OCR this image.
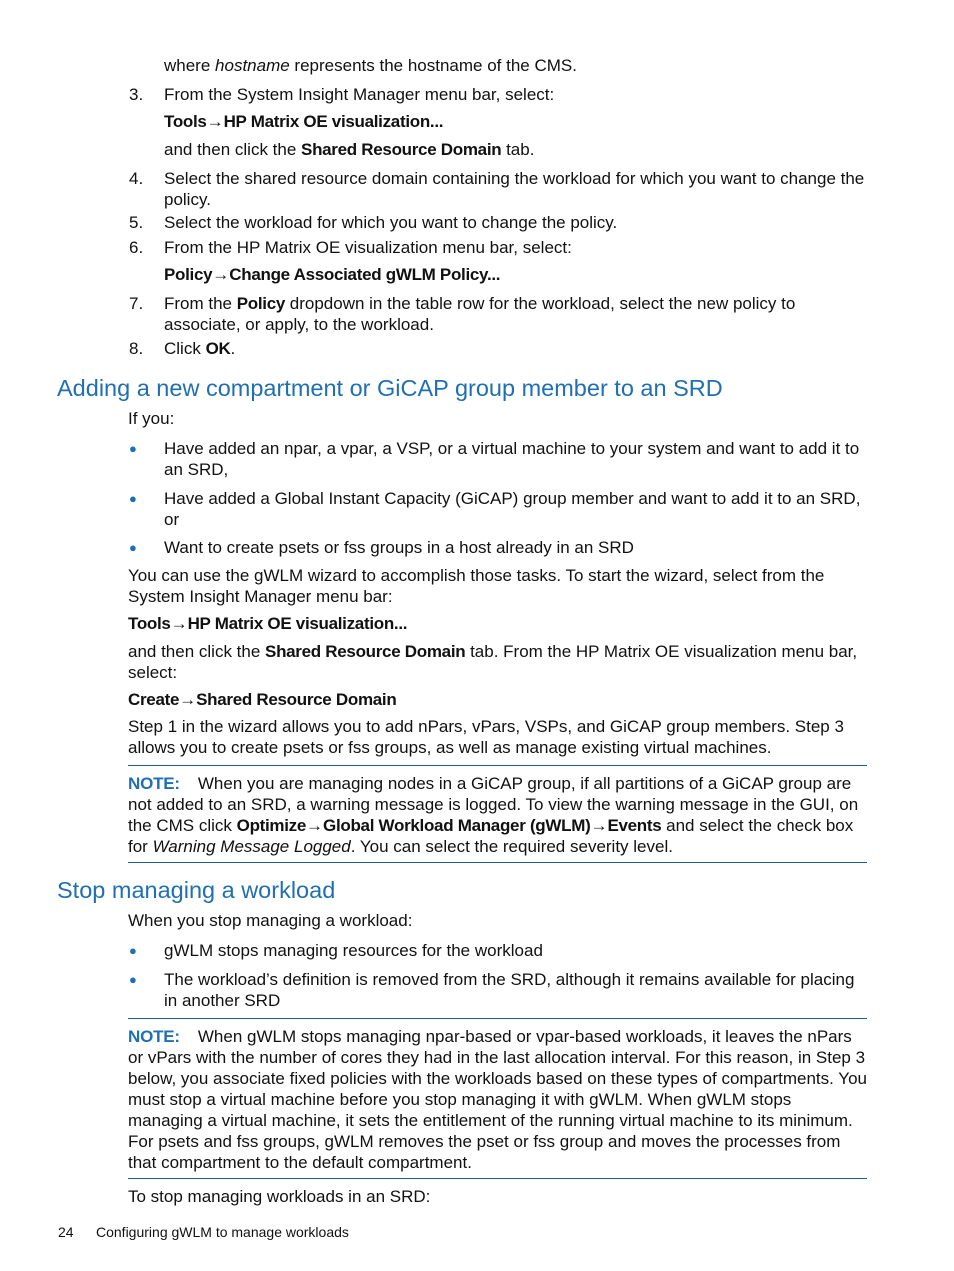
where hostname represents the hostname of the CMS.
3. From the System Insight Manager menu bar, select:
Tools→HP Matrix OE visualization...
and then click the Shared Resource Domain tab.
4. Select the shared resource domain containing the workload for which you want to change the policy.
5. Select the workload for which you want to change the policy.
6. From the HP Matrix OE visualization menu bar, select:
Policy→Change Associated gWLM Policy...
7. From the Policy dropdown in the table row for the workload, select the new policy to associate, or apply, to the workload.
8. Click OK.
Adding a new compartment or GiCAP group member to an SRD
If you:
● Have added an npar, a vpar, a VSP, or a virtual machine to your system and want to add it to an SRD,
● Have added a Global Instant Capacity (GiCAP) group member and want to add it to an SRD, or
● Want to create psets or fss groups in a host already in an SRD
You can use the gWLM wizard to accomplish those tasks. To start the wizard, select from the System Insight Manager menu bar:
Tools→HP Matrix OE visualization...
and then click the Shared Resource Domain tab. From the HP Matrix OE visualization menu bar, select:
Create→Shared Resource Domain
Step 1 in the wizard allows you to add nPars, vPars, VSPs, and GiCAP group members. Step 3 allows you to create psets or fss groups, as well as manage existing virtual machines.
NOTE: When you are managing nodes in a GiCAP group, if all partitions of a GiCAP group are not added to an SRD, a warning message is logged. To view the warning message in the GUI, on the CMS click Optimize→Global Workload Manager (gWLM)→Events and select the check box for Warning Message Logged. You can select the required severity level.
Stop managing a workload
When you stop managing a workload:
● gWLM stops managing resources for the workload
● The workload’s definition is removed from the SRD, although it remains available for placing in another SRD
NOTE: When gWLM stops managing npar-based or vpar-based workloads, it leaves the nPars or vPars with the number of cores they had in the last allocation interval. For this reason, in Step 3 below, you associate fixed policies with the workloads based on these types of compartments. You must stop a virtual machine before you stop managing it with gWLM. When gWLM stops managing a virtual machine, it sets the entitlement of the running virtual machine to its minimum. For psets and fss groups, gWLM removes the pset or fss group and moves the processes from that compartment to the default compartment.
To stop managing workloads in an SRD:
24 Configuring gWLM to manage workloads
